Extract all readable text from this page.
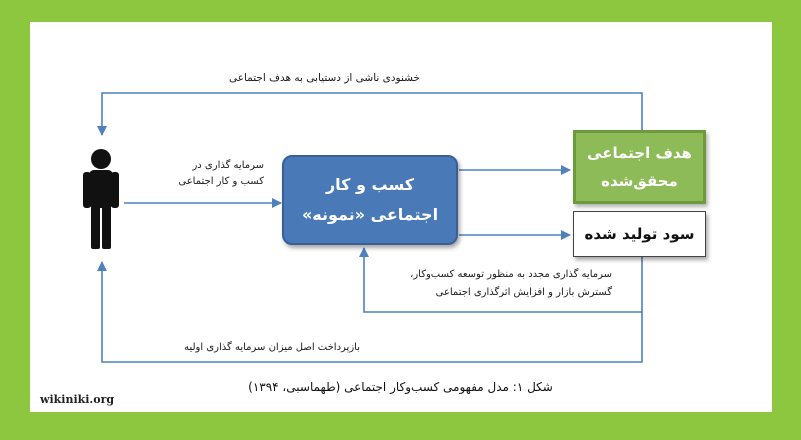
خشنودی ناشی از دستیابی به هدف اجتماعی
سرمایه گذاری در
کسب و کار اجتماعی	کسب و کار
اجتماعی «نمونه»
هدف اجتماعی
محقق‌شده
سود تولید شده
سرمایه گذاری مجدد به منظور توسعه کسب‌وکار،
گسترش بازار و افزایش اثرگذاری اجتماعی
بازپرداخت اصل میزان سرمایه گذاری اولیه
شکل ۱: مدل مفهومی کسب‌وکار اجتماعی (طهماسبی، ۱۳۹۴)
wikiniki.org
